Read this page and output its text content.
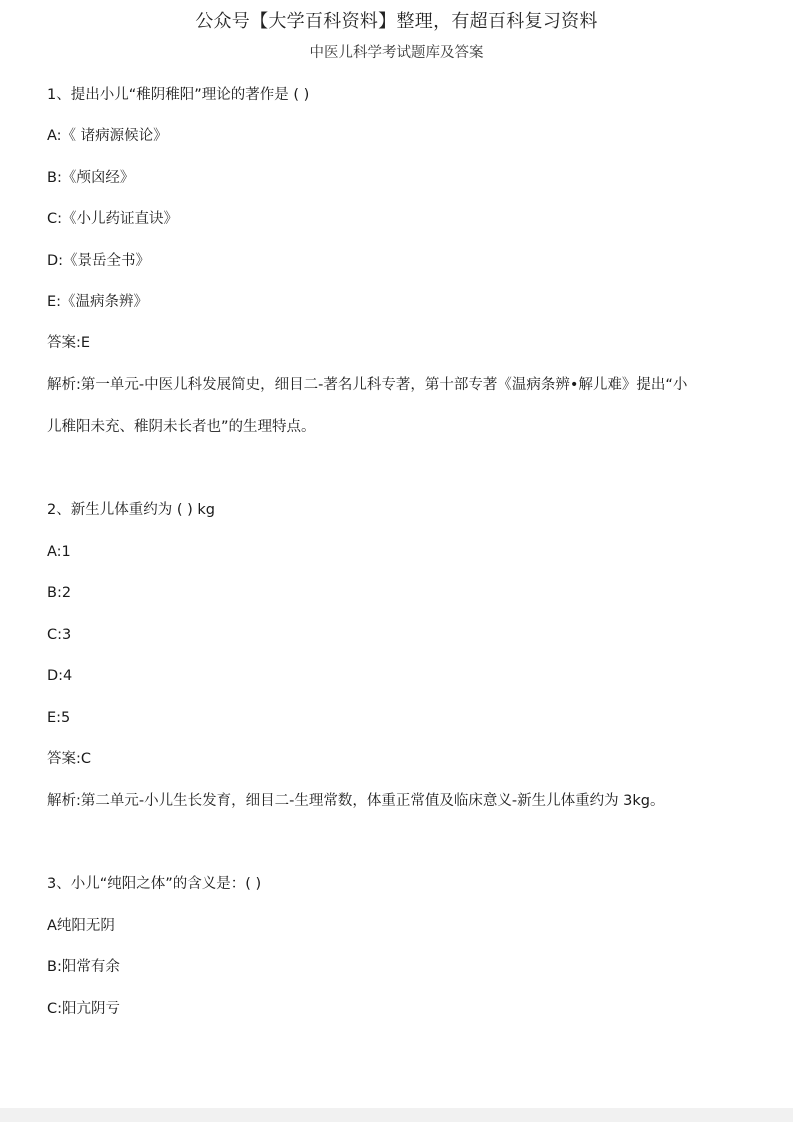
公众号【大学百科资料】整理，有超百科复习资料
中医儿科学考试题库及答案
1、提出小儿“稚阴稚阳”理论的著作是 ( )
A:《 诸病源候论》
B:《颅囟经》
C:《小儿药证直诀》
D:《景岳全书》
E:《温病条辨》
答案:E
解析:第一单元-中医儿科发展简史，细目二-著名儿科专著，第十部专著《温病条辨•解儿难》提出“小
儿稚阳未充、稚阴未长者也”的生理特点。
2、新生儿体重约为 ( ) kg
A:1
B:2
C:3
D:4
E:5
答案:C
解析:第二单元-小儿生长发育，细目二-生理常数，体重正常值及临床意义-新生儿体重约为 3kg。
3、小儿“纯阳之体”的含义是：( )
A纯阳无阴
B:阳常有余
C:阳亢阴亏
